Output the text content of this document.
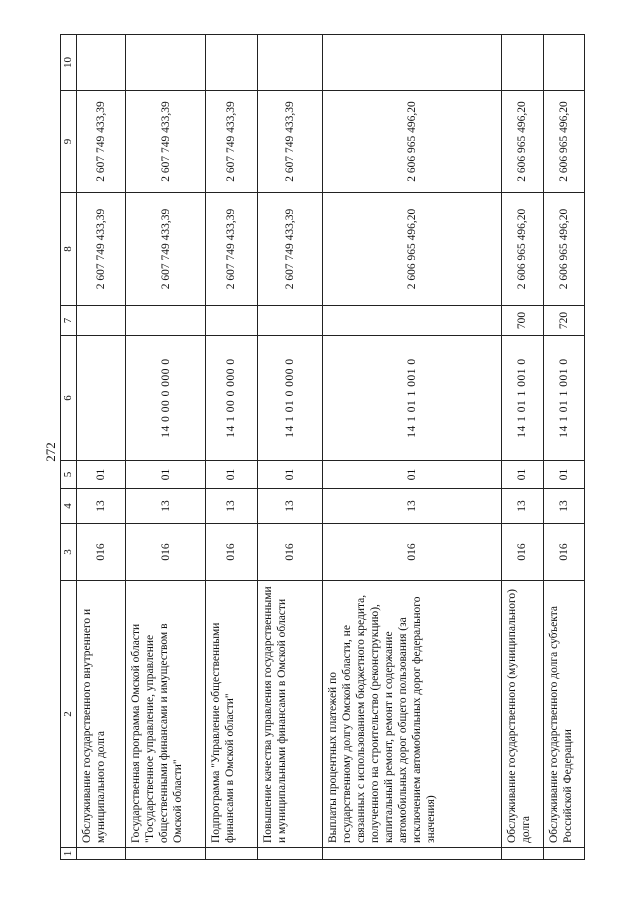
272
1	2	3	4	5	6	7	8	9	10
	Обслуживание государственного внутреннего и муниципального долга	016	13	01			2 607 749 433,39	2 607 749 433,39	
	Государственная программа Омской области "Государственное управление, управление общественными финансами и имуществом в Омской области"	016	13	01	14 0 00 0 000 0		2 607 749 433,39	2 607 749 433,39	
	Подпрограмма "Управление общественными финансами в Омской области"	016	13	01	14 1 00 0 000 0		2 607 749 433,39	2 607 749 433,39	
	Повышение качества управления государственными и муниципальными финансами в Омской области	016	13	01	14 1 01 0 000 0		2 607 749 433,39	2 607 749 433,39	
	Выплаты процентных платежей по государственному долгу Омской области, не связанных с использованием бюджетного кредита, полученного на строительство (реконструкцию), капитальный ремонт, ремонт и содержание автомобильных дорог общего пользования (за исключением автомобильных дорог федерального значения)	016	13	01	14 1 01 1 001 0		2 606 965 496,20	2 606 965 496,20	
	Обслуживание государственного (муниципального) долга	016	13	01	14 1 01 1 001 0	700	2 606 965 496,20	2 606 965 496,20	
	Обслуживание государственного долга субъекта Российской Федерации	016	13	01	14 1 01 1 001 0	720	2 606 965 496,20	2 606 965 496,20	
